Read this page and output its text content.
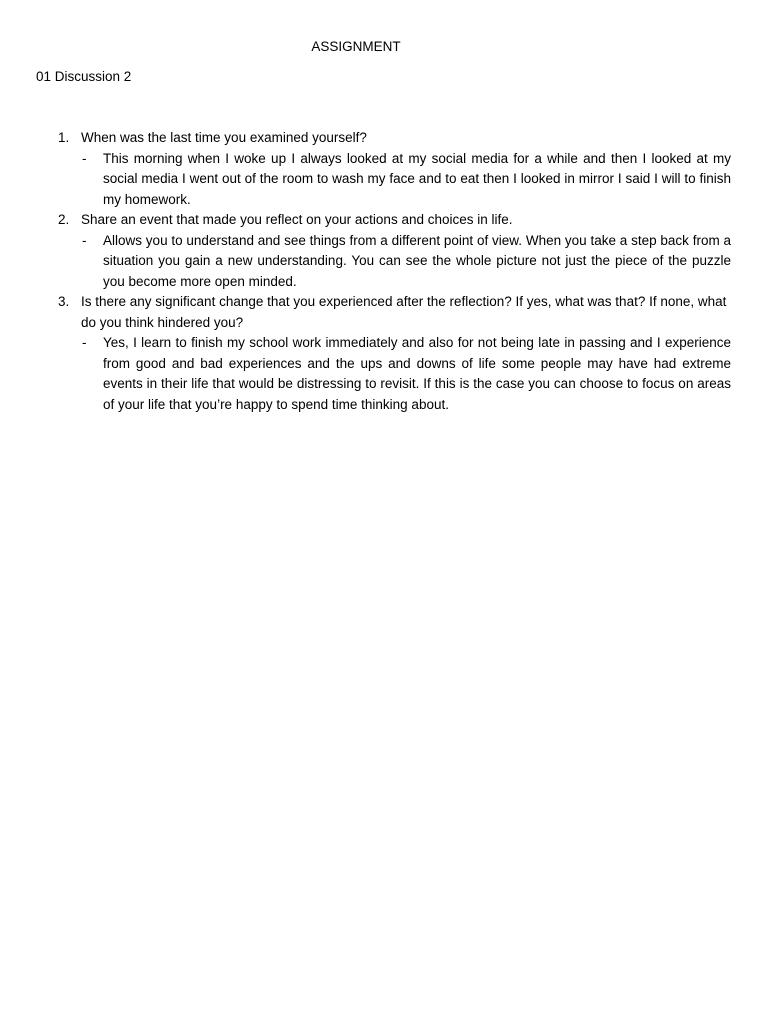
ASSIGNMENT
01 Discussion 2
1. When was the last time you examined yourself?

- This morning when I woke up I always looked at my social media for a while and then I looked at my social media I went out of the room to wash my face and to eat then I looked in mirror I said I will to finish my homework.

2. Share an event that made you reflect on your actions and choices in life.

- Allows you to understand and see things from a different point of view. When you take a step back from a situation you gain a new understanding. You can see the whole picture not just the piece of the puzzle you become more open minded.

3. Is there any significant change that you experienced after the reflection? If yes, what was that? If none, what do you think hindered you?

- Yes, I learn to finish my school work immediately and also for not being late in passing and I experience from good and bad experiences and the ups and downs of life some people may have had extreme events in their life that would be distressing to revisit. If this is the case you can choose to focus on areas of your life that you’re happy to spend time thinking about.
